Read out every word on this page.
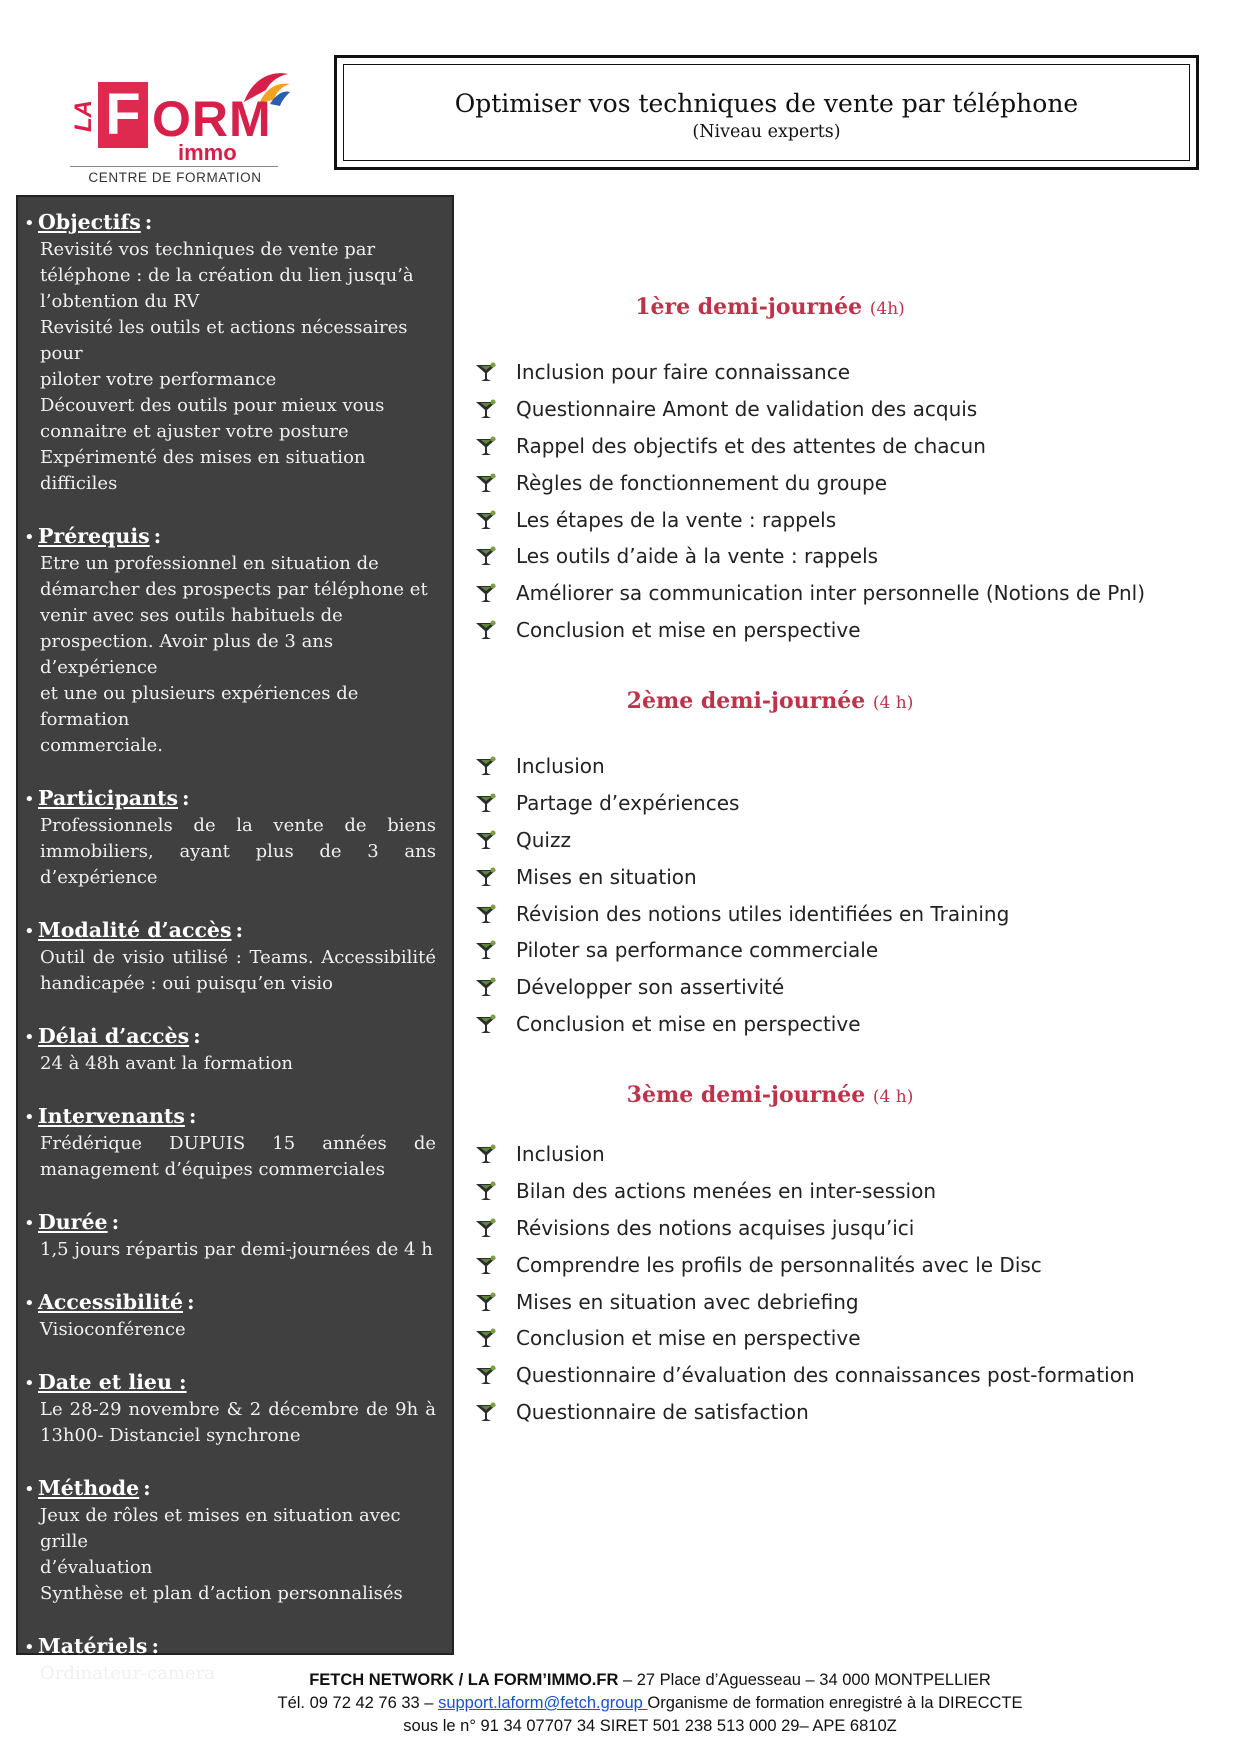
LA F ORM
immo
CENTRE DE FORMATION
Optimiser vos techniques de vente par téléphone
(Niveau experts)
• Objectifs :
Revisité vos techniques de vente par
téléphone : de la création du lien jusqu’à
l’obtention du RV
Revisité les outils et actions nécessaires pour
piloter votre performance
Découvert des outils pour mieux vous
connaitre et ajuster votre posture
Expérimenté des mises en situation difficiles
• Prérequis :
Etre un professionnel en situation de
démarcher des prospects par téléphone et
venir avec ses outils habituels de
prospection. Avoir plus de 3 ans d’expérience
et une ou plusieurs expériences de formation
commerciale.
• Participants :
Professionnels de la vente de biens immobiliers, ayant plus de 3 ans d’expérience
• Modalité d’accès :
Outil de visio utilisé : Teams. Accessibilité handicapée : oui puisqu’en visio
• Délai d’accès :
24 à 48h avant la formation
• Intervenants :
Frédérique DUPUIS 15 années de management d’équipes commerciales
• Durée :
1,5 jours répartis par demi-journées de 4 h
• Accessibilité :
Visioconférence
• Date et lieu :
Le 28-29 novembre & 2 décembre de 9h à 13h00- Distanciel synchrone
• Méthode :
Jeux de rôles et mises en situation avec grille
d’évaluation
Synthèse et plan d’action personnalisés
• Matériels :
Ordinateur-camera
• Tarifs : 480€/12 heures
1ère demi-journée (4h)
Inclusion pour faire connaissance
Questionnaire Amont de validation des acquis
Rappel des objectifs et des attentes de chacun
Règles de fonctionnement du groupe
Les étapes de la vente : rappels
Les outils d’aide à la vente : rappels
Améliorer sa communication inter personnelle (Notions de Pnl)
Conclusion et mise en perspective
2ème demi-journée (4 h)
Inclusion
Partage d’expériences
Quizz
Mises en situation
Révision des notions utiles identifiées en Training
Piloter sa performance commerciale
Développer son assertivité
Conclusion et mise en perspective
3ème demi-journée (4 h)
Inclusion
Bilan des actions menées en inter-session
Révisions des notions acquises jusqu’ici
Comprendre les profils de personnalités avec le Disc
Mises en situation avec debriefing
Conclusion et mise en perspective
Questionnaire d’évaluation des connaissances post-formation
Questionnaire de satisfaction
FETCH NETWORK / LA FORM’IMMO.FR – 27 Place d’Aguesseau – 34 000 MONTPELLIER
Tél. 09 72 42 76 33 – support.laform@fetch.group Organisme de formation enregistré à la DIRECCTE
sous le n° 91 34 07707 34 SIRET 501 238 513 000 29– APE 6810Z
